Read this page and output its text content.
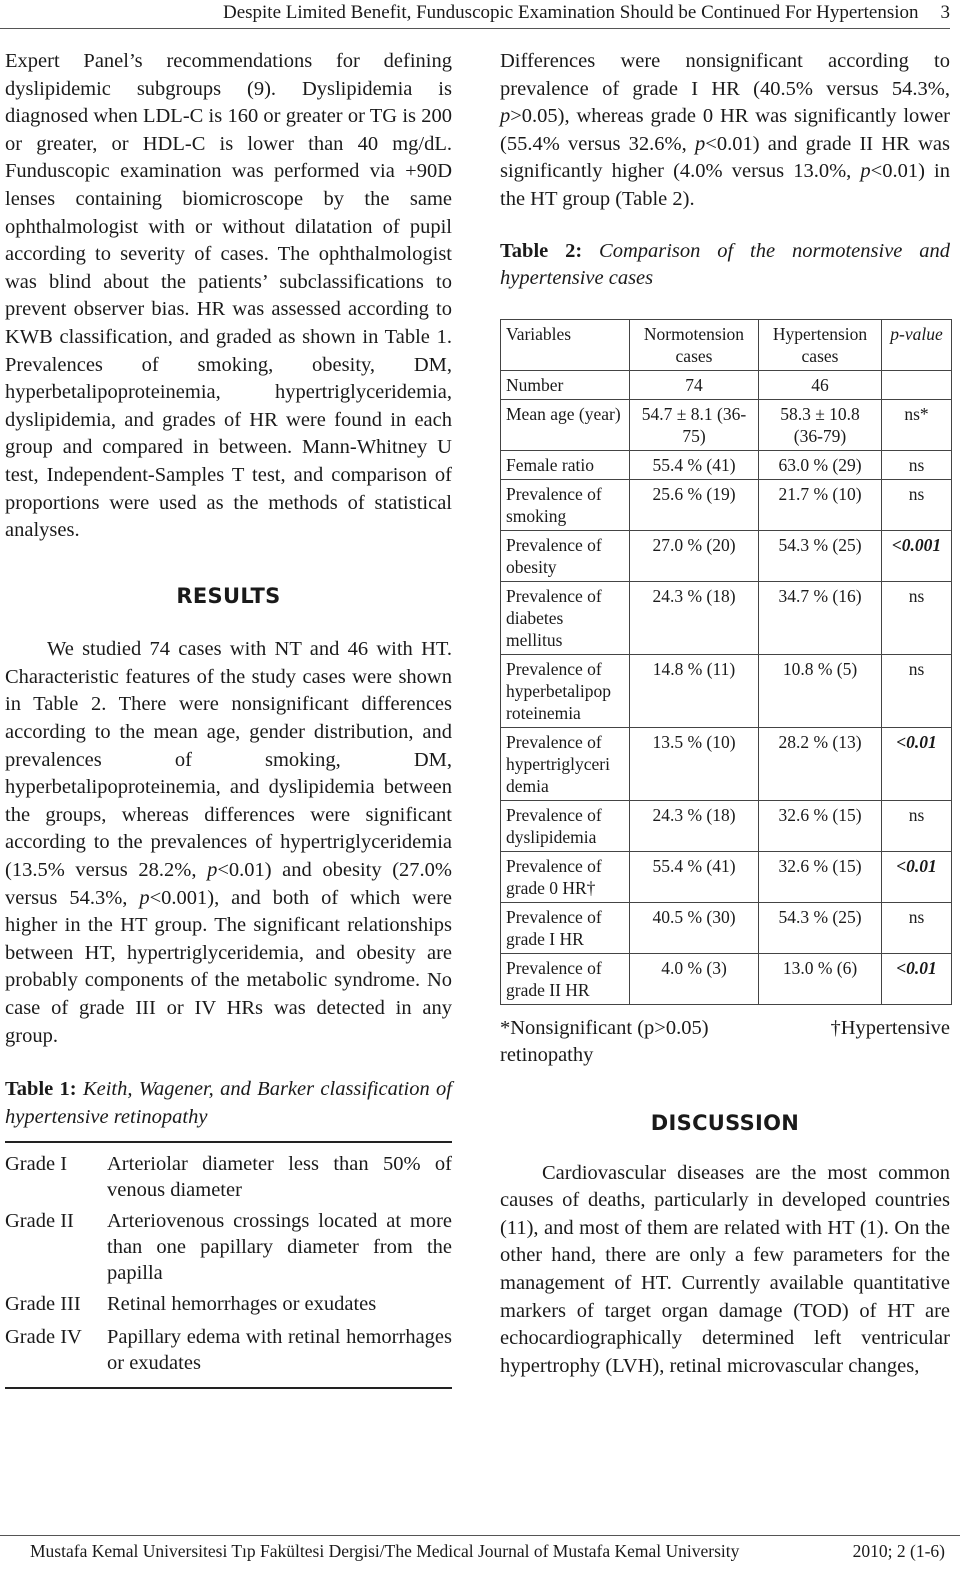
Despite Limited Benefit, Funduscopic Examination Should be Continued For Hypertension 3

Expert Panel’s recommendations for defining dyslipidemic subgroups (9). Dyslipidemia is diagnosed when LDL-C is 160 or greater or TG is 200 or greater, or HDL-C is lower than 40 mg/dL. Funduscopic examination was performed via +90D lenses containing biomicroscope by the same ophthalmologist with or without dilatation of pupil according to severity of cases. The ophthalmologist was blind about the patients’ subclassifications to prevent observer bias. HR was assessed according to KWB classification, and graded as shown in Table 1. Prevalences of smoking, obesity, DM, hyperbetalipoproteinemia, hypertriglyceridemia, dyslipidemia, and grades of HR were found in each group and compared in between. Mann-Whitney U test, Independent-Samples T test, and comparison of proportions were used as the methods of statistical analyses.

RESULTS

We studied 74 cases with NT and 46 with HT. Characteristic features of the study cases were shown in Table 2. There were nonsignificant differences according to the mean age, gender distribution, and prevalences of smoking, DM, hyperbetalipoproteinemia, and dyslipidemia between the groups, whereas differences were significant according to the prevalences of hypertriglyceridemia (13.5% versus 28.2%, p<0.01) and obesity (27.0% versus 54.3%, p<0.001), and both of which were higher in the HT group. The significant relationships between HT, hypertriglyceridemia, and obesity are probably components of the metabolic syndrome. No case of grade III or IV HRs was detected in any group.

Table 1: Keith, Wagener, and Barker classification of hypertensive retinopathy
Grade I	Arteriolar diameter less than 50% of venous diameter
Grade II	Arteriovenous crossings located at more than one papillary diameter from the papilla
Grade III	Retinal hemorrhages or exudates
Grade IV	Papillary edema with retinal hemorrhages or exudates

Differences were nonsignificant according to prevalence of grade I HR (40.5% versus 54.3%, p>0.05), whereas grade 0 HR was significantly lower (55.4% versus 32.6%, p<0.01) and grade II HR was significantly higher (4.0% versus 13.0%, p<0.01) in the HT group (Table 2).

Table 2: Comparison of the normotensive and hypertensive cases
Variables	Normotension cases	Hypertension cases	p-value
Number	74	46	
Mean age (year)	54.7 ± 8.1 (36-75)	58.3 ± 10.8 (36-79)	ns*
Female ratio	55.4 % (41)	63.0 % (29)	ns
Prevalence of smoking	25.6 % (19)	21.7 % (10)	ns
Prevalence of obesity	27.0 % (20)	54.3 % (25)	<0.001
Prevalence of diabetes mellitus	24.3 % (18)	34.7 % (16)	ns
Prevalence of hyperbetalipop roteinemia	14.8 % (11)	10.8 % (5)	ns
Prevalence of hypertriglyceri demia	13.5 % (10)	28.2 % (13)	<0.01
Prevalence of dyslipidemia	24.3 % (18)	32.6 % (15)	ns
Prevalence of grade 0 HR†	55.4 % (41)	32.6 % (15)	<0.01
Prevalence of grade I HR	40.5 % (30)	54.3 % (25)	ns
Prevalence of grade II HR	4.0 % (3)	13.0 % (6)	<0.01
*Nonsignificant (p>0.05)	†Hypertensive
retinopathy
DISCUSSION

Cardiovascular diseases are the most common causes of deaths, particularly in developed countries (11), and most of them are related with HT (1). On the other hand, there are only a few parameters for the management of HT. Currently available quantitative markers of target organ damage (TOD) of HT are echocardiographically determined left ventricular hypertrophy (LVH), retinal microvascular changes,

Mustafa Kemal Universitesi Tıp Fakültesi Dergisi/The Medical Journal of Mustafa Kemal University	2010; 2 (1-6)
